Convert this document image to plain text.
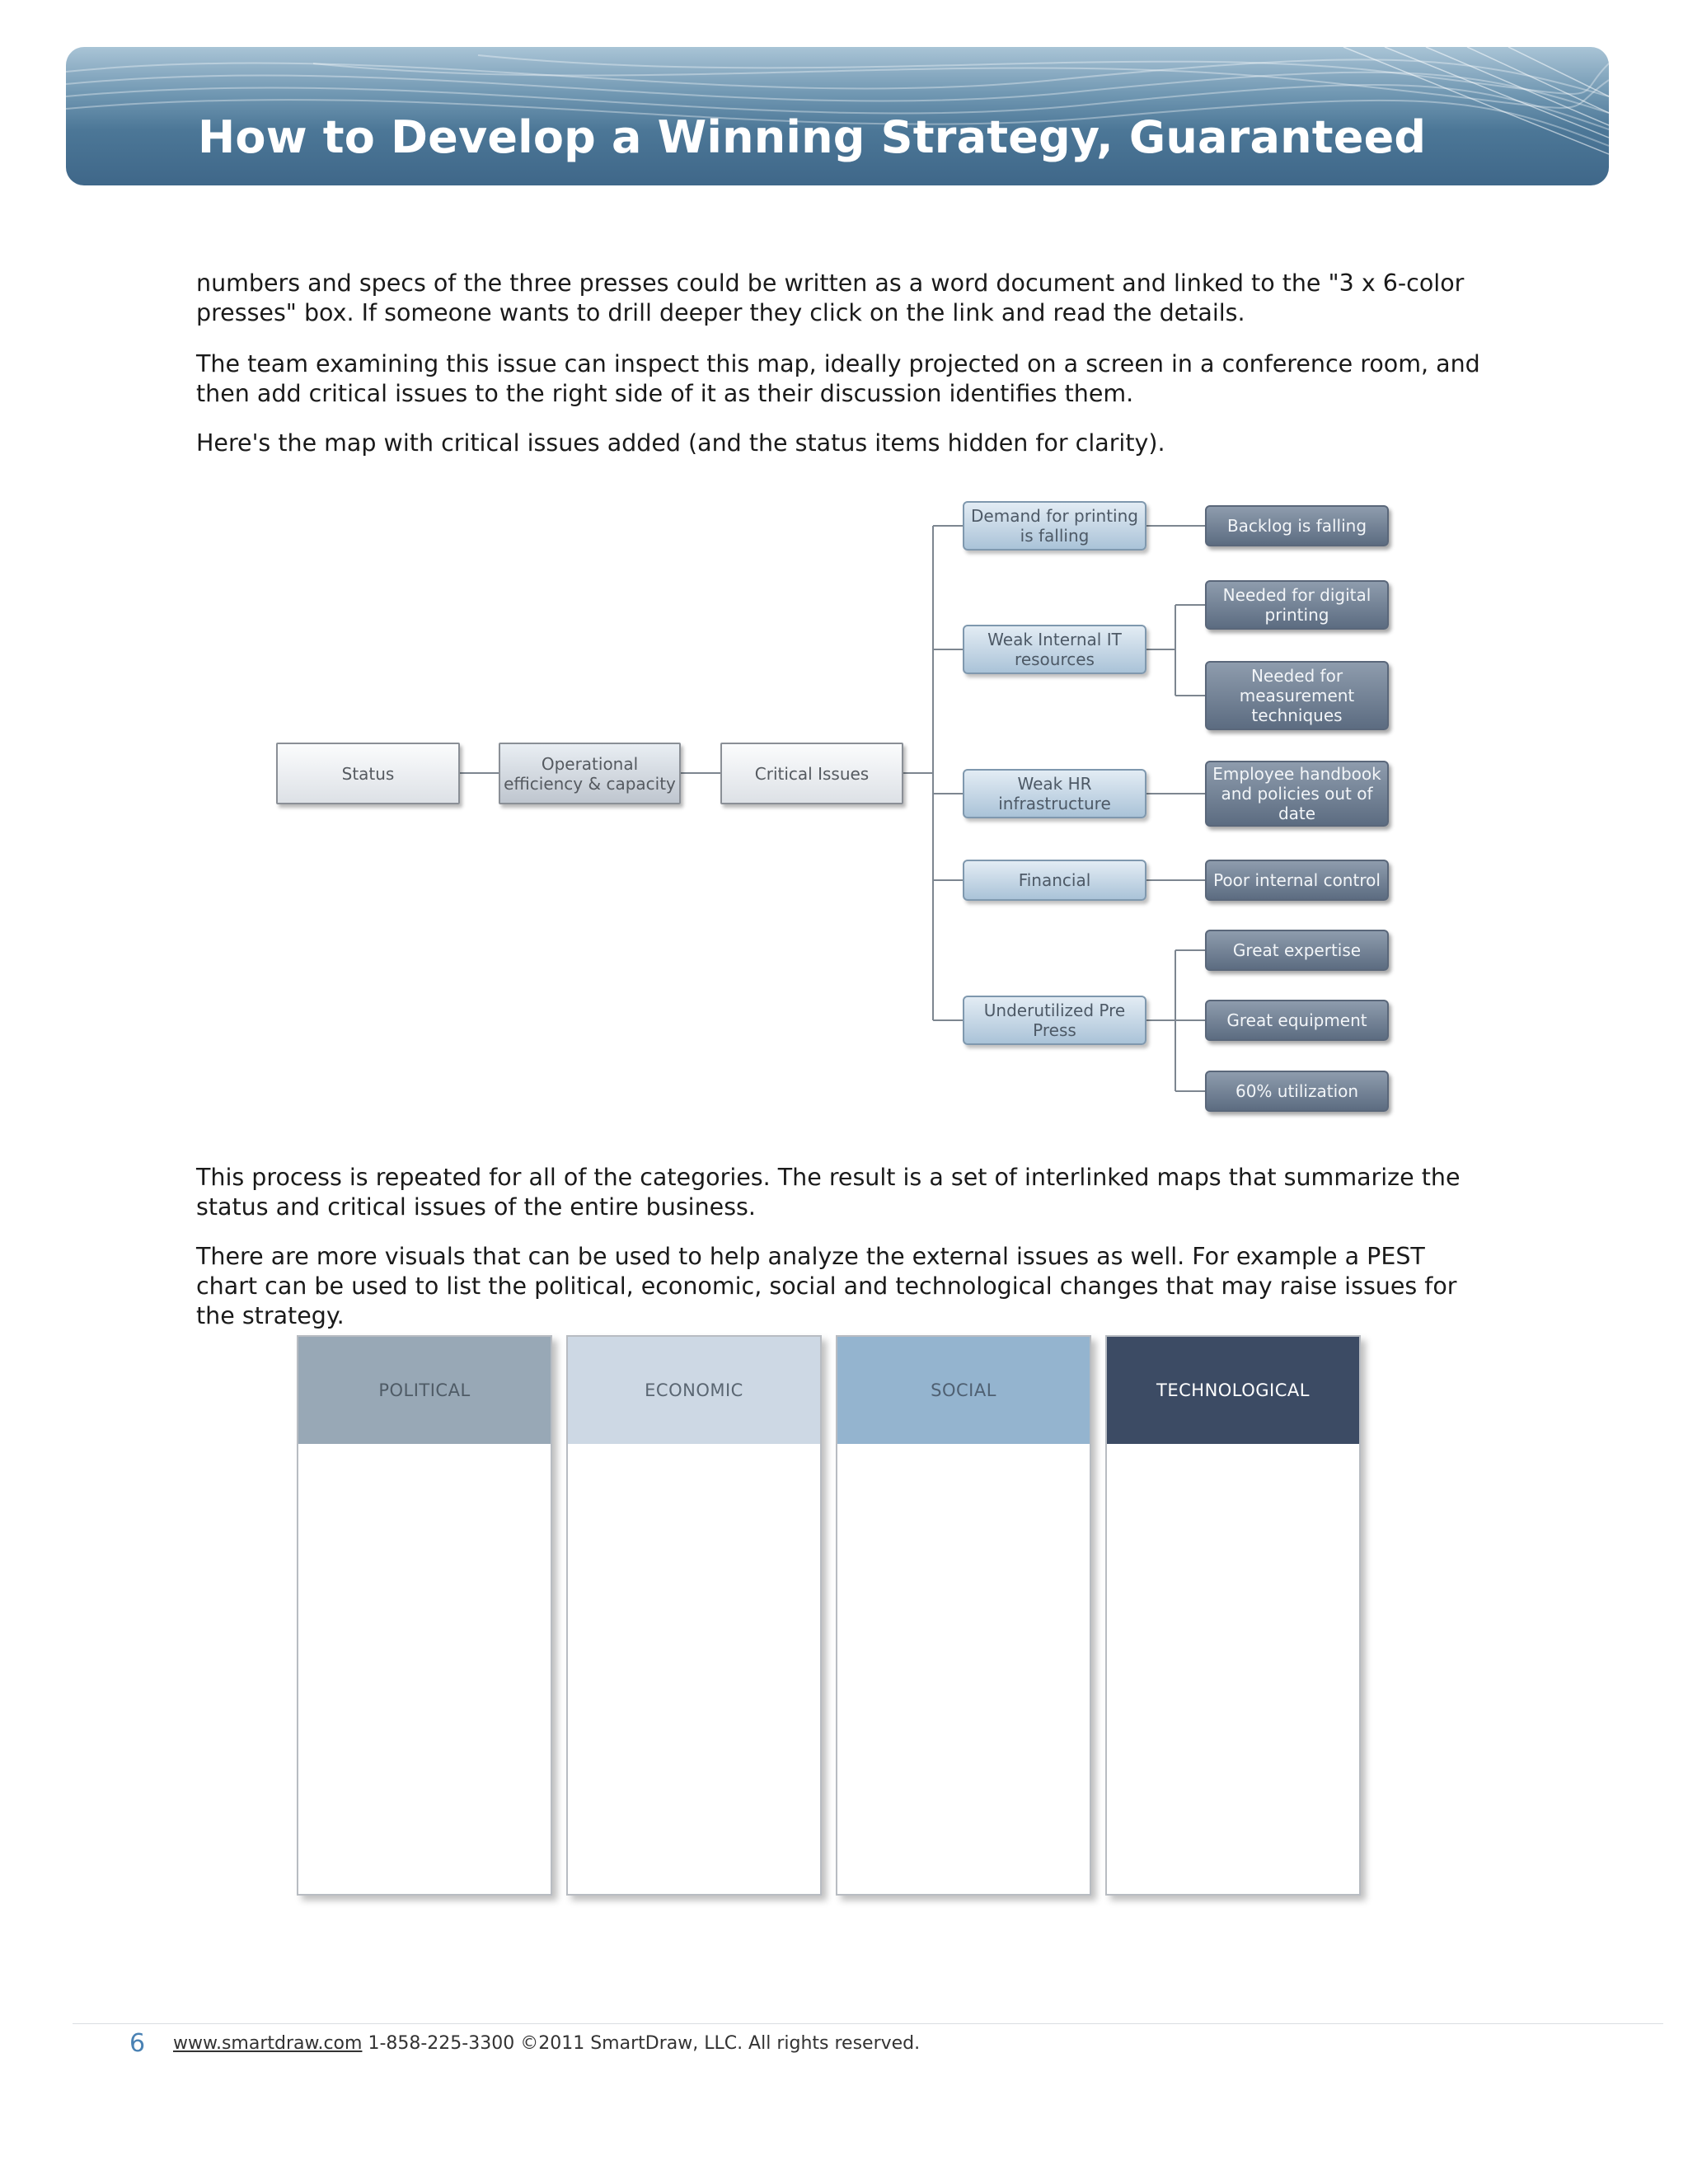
How to Develop a Winning Strategy, Guaranteed

numbers and specs of the three presses could be written as a word document and linked to the "3 x 6-color presses" box. If someone wants to drill deeper they click on the link and read the details.

The team examining this issue can inspect this map, ideally projected on a screen in a conference room, and then add critical issues to the right side of it as their discussion identifies them.

Here's the map with critical issues added (and the status items hidden for clarity).

Status	Operational efficiency & capacity	Critical Issues
Demand for printing is falling
Weak Internal IT resources
Weak HR infrastructure
Financial
Underutilized Pre Press
Backlog is falling
Needed for digital printing
Needed for measurement techniques
Employee handbook and policies out of date
Poor internal control
Great expertise
Great equipment
60% utilization

This process is repeated for all of the categories. The result is a set of interlinked maps that summarize the status and critical issues of the entire business.

There are more visuals that can be used to help analyze the external issues as well. For example a PEST chart can be used to list the political, economic, social and technological changes that may raise issues for the strategy.

POLITICAL	ECONOMIC	SOCIAL	TECHNOLOGICAL
6 www.smartdraw.com 1-858-225-3300 ©2011 SmartDraw, LLC. All rights reserved.
